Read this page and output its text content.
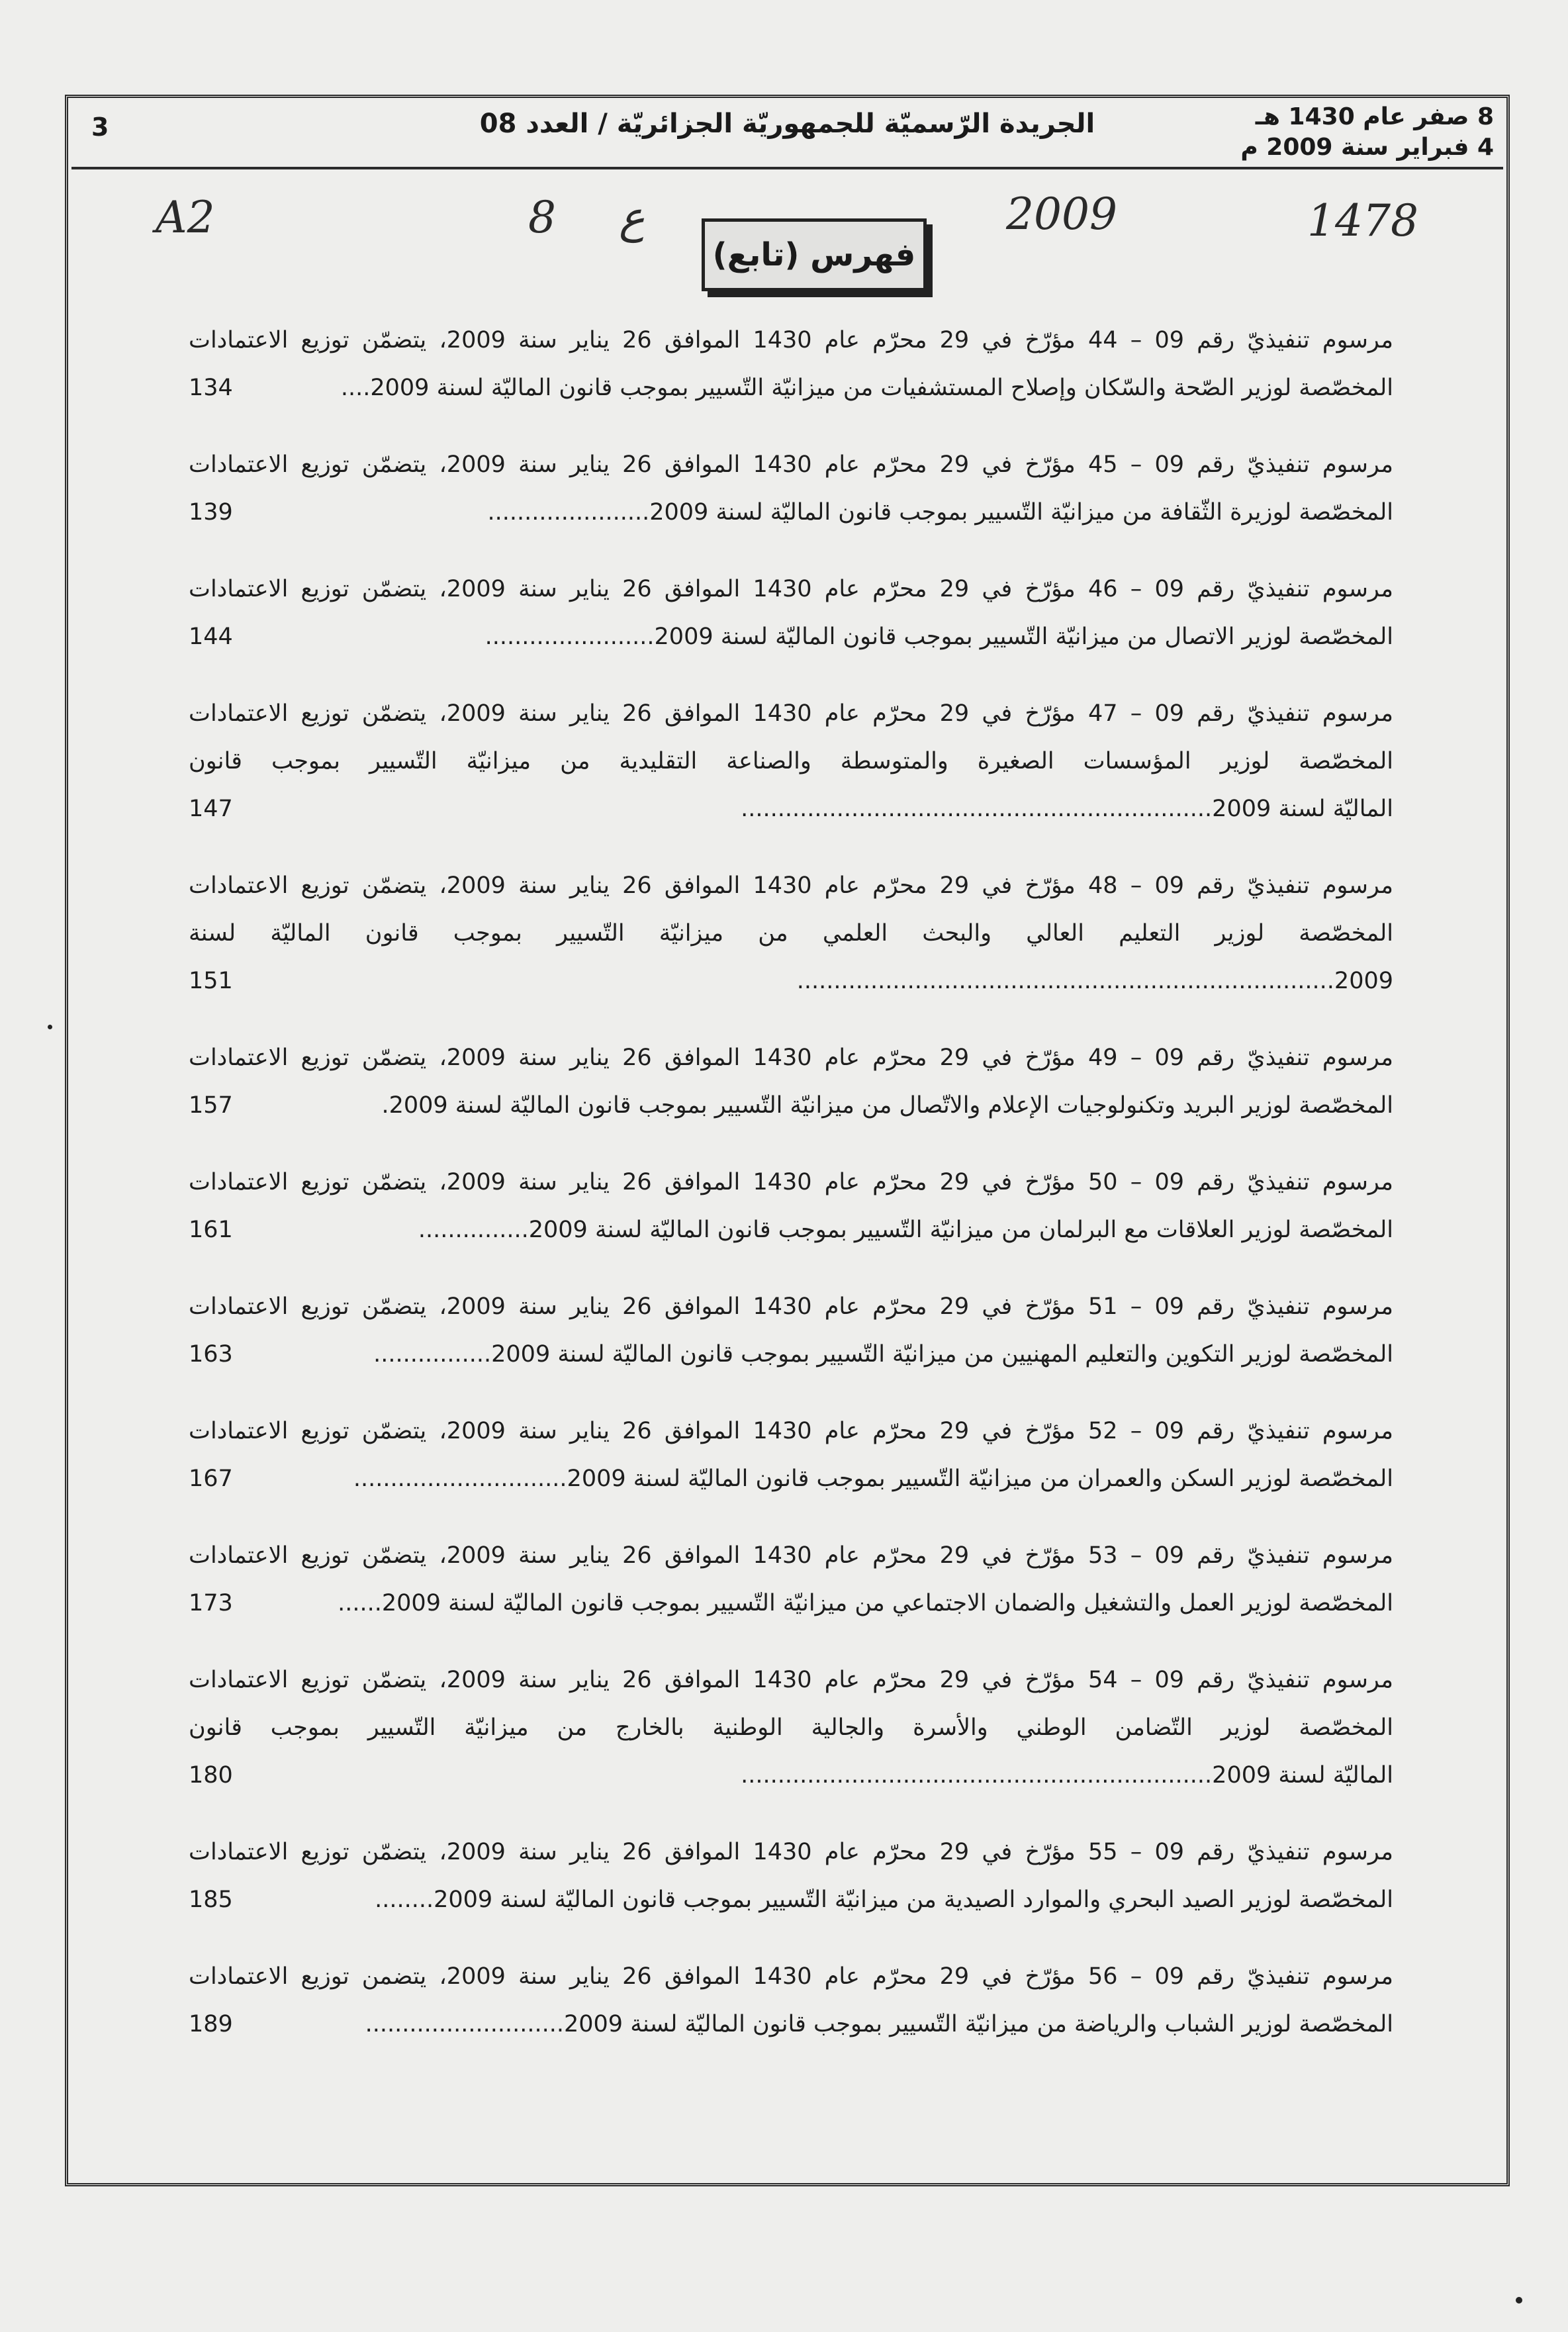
3	الجريدة الرّسميّة للجمهوريّة الجزائريّة / العدد 08	8 صفر عام 1430 هـ
4 فبراير سنة 2009 م
A2	8 ع	2009	1478
فهرس (تابع)
مرسوم تنفيذيّ رقم 09 – 44 مؤرّخ في 29 محرّم عام 1430 الموافق 26 يناير سنة 2009، يتضمّن توزيع الاعتمادات
المخصّصة لوزير الصّحة والسّكان وإصلاح المستشفيات من ميزانيّة التّسيير بموجب قانون الماليّة لسنة 2009....
134
مرسوم تنفيذيّ رقم 09 – 45 مؤرّخ في 29 محرّم عام 1430 الموافق 26 يناير سنة 2009، يتضمّن توزيع الاعتمادات
المخصّصة لوزيرة الثّقافة من ميزانيّة التّسيير بموجب قانون الماليّة لسنة 2009......................
139
مرسوم تنفيذيّ رقم 09 – 46 مؤرّخ في 29 محرّم عام 1430 الموافق 26 يناير سنة 2009، يتضمّن توزيع الاعتمادات
المخصّصة لوزير الاتصال من ميزانيّة التّسيير بموجب قانون الماليّة لسنة 2009.......................
144
مرسوم تنفيذيّ رقم 09 – 47 مؤرّخ في 29 محرّم عام 1430 الموافق 26 يناير سنة 2009، يتضمّن توزيع الاعتمادات
المخصّصة لوزير المؤسسات الصغيرة والمتوسطة والصناعة التقليدية من ميزانيّة التّسيير بموجب قانون
الماليّة لسنة 2009................................................................
147
مرسوم تنفيذيّ رقم 09 – 48 مؤرّخ في 29 محرّم عام 1430 الموافق 26 يناير سنة 2009، يتضمّن توزيع الاعتمادات
المخصّصة لوزير التعليم العالي والبحث العلمي من ميزانيّة التّسيير بموجب قانون الماليّة لسنة
2009.........................................................................
151
مرسوم تنفيذيّ رقم 09 – 49 مؤرّخ في 29 محرّم عام 1430 الموافق 26 يناير سنة 2009، يتضمّن توزيع الاعتمادات
المخصّصة لوزير البريد وتكنولوجيات الإعلام والاتّصال من ميزانيّة التّسيير بموجب قانون الماليّة لسنة 2009.
157
مرسوم تنفيذيّ رقم 09 – 50 مؤرّخ في 29 محرّم عام 1430 الموافق 26 يناير سنة 2009، يتضمّن توزيع الاعتمادات
المخصّصة لوزير العلاقات مع البرلمان من ميزانيّة التّسيير بموجب قانون الماليّة لسنة 2009...............
161
مرسوم تنفيذيّ رقم 09 – 51 مؤرّخ في 29 محرّم عام 1430 الموافق 26 يناير سنة 2009، يتضمّن توزيع الاعتمادات
المخصّصة لوزير التكوين والتعليم المهنيين من ميزانيّة التّسيير بموجب قانون الماليّة لسنة 2009................
163
مرسوم تنفيذيّ رقم 09 – 52 مؤرّخ في 29 محرّم عام 1430 الموافق 26 يناير سنة 2009، يتضمّن توزيع الاعتمادات
المخصّصة لوزير السكن والعمران من ميزانيّة التّسيير بموجب قانون الماليّة لسنة 2009.............................
167
مرسوم تنفيذيّ رقم 09 – 53 مؤرّخ في 29 محرّم عام 1430 الموافق 26 يناير سنة 2009، يتضمّن توزيع الاعتمادات
المخصّصة لوزير العمل والتشغيل والضمان الاجتماعي من ميزانيّة التّسيير بموجب قانون الماليّة لسنة 2009......
173
مرسوم تنفيذيّ رقم 09 – 54 مؤرّخ في 29 محرّم عام 1430 الموافق 26 يناير سنة 2009، يتضمّن توزيع الاعتمادات
المخصّصة لوزير التّضامن الوطني والأسرة والجالية الوطنية بالخارج من ميزانيّة التّسيير بموجب قانون
الماليّة لسنة 2009................................................................
180
مرسوم تنفيذيّ رقم 09 – 55 مؤرّخ في 29 محرّم عام 1430 الموافق 26 يناير سنة 2009، يتضمّن توزيع الاعتمادات
المخصّصة لوزير الصيد البحري والموارد الصيدية من ميزانيّة التّسيير بموجب قانون الماليّة لسنة 2009........
185
مرسوم تنفيذيّ رقم 09 – 56 مؤرّخ في 29 محرّم عام 1430 الموافق 26 يناير سنة 2009، يتضمن توزيع الاعتمادات
المخصّصة لوزير الشباب والرياضة من ميزانيّة التّسيير بموجب قانون الماليّة لسنة 2009...........................
189
